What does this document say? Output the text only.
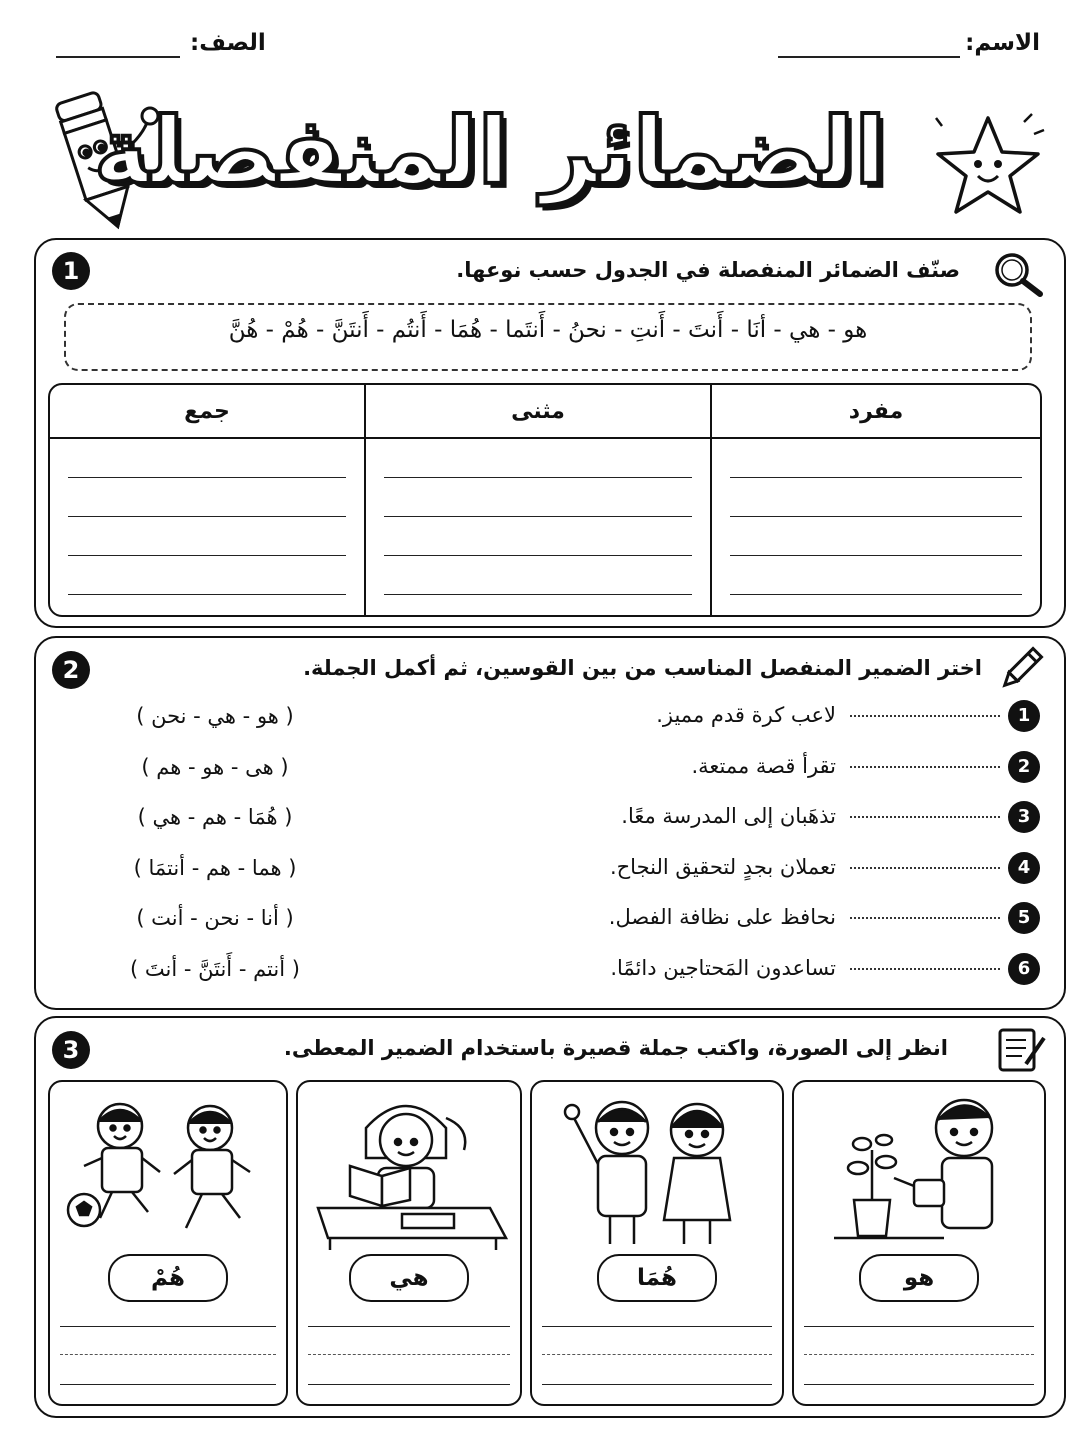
الاسم:
الصف:
الضمائر المنفصلة
1	صنّف الضمائر المنفصلة في الجدول حسب نوعها.
هو - هي - أنَا - أَنتَ - أَنتِ - نحنُ - أَنتَما - هُمَا - أَنتُم - أَنتَنَّ - هُمْ - هُنَّ
مفرد	مثنى	جمع

2	اختر الضمير المنفصل المناسب من بين القوسين، ثم أكمل الجملة.
1لاعب كرة قدم مميز.
( هو - هي - نحن )
2تقرأ قصة ممتعة.
( هى - هو - هم )
3تذهَبان إلى المدرسة معًا.
( هُمَا - هم - هي )
4تعملان بجدٍ لتحقيق النجاح.
( هما - هم - أنتمَا )
5نحافظ على نظافة الفصل.
( أنا - نحن - أنت )
6تساعدون المَحتاجين دائمًا.
( أنتم - أَنتَنَّ - أنتَ )
3	انظر إلى الصورة، واكتب جملة قصيرة باستخدام الضمير المعطى.
هو
هُمَا
هي
هُمْ
